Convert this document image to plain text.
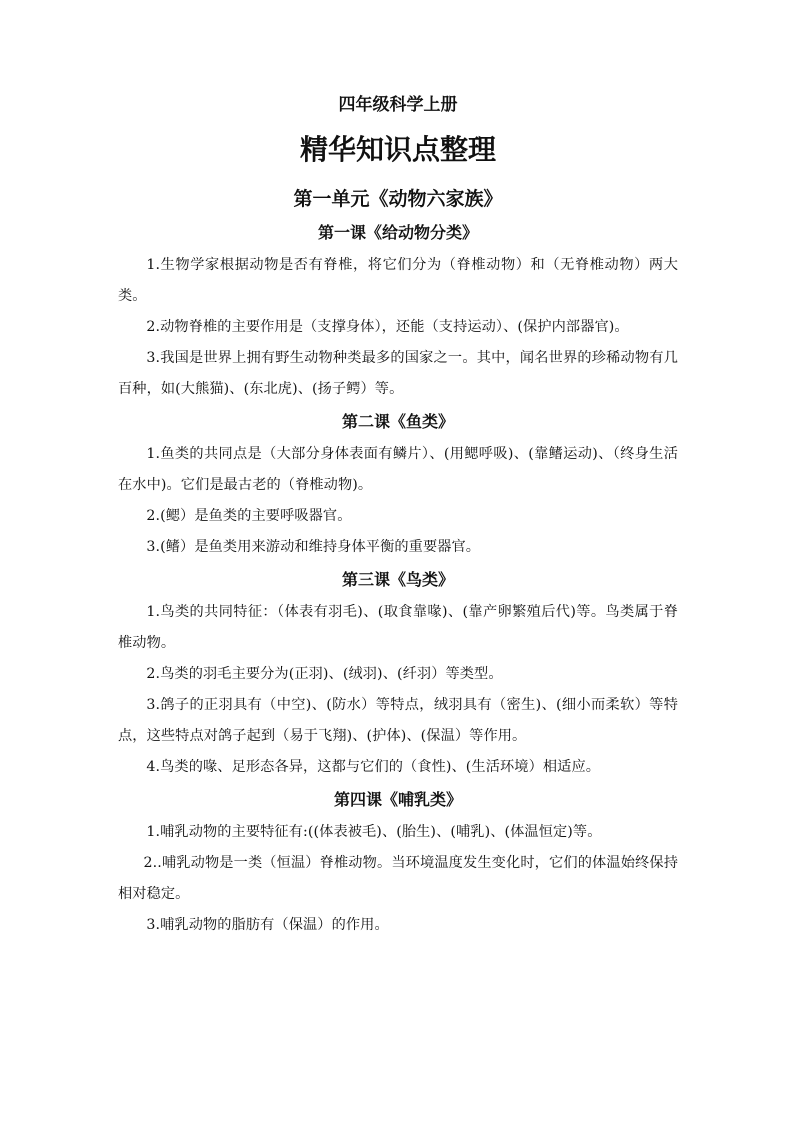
四年级科学上册
精华知识点整理
第一单元《动物六家族》
第一课《给动物分类》

1.生物学家根据动物是否有脊椎，将它们分为（脊椎动物）和（无脊椎动物）两大类。

2.动物脊椎的主要作用是（支撑身体），还能（支持运动）、(保护内部器官)。

3.我国是世界上拥有野生动物种类最多的国家之一。其中，闻名世界的珍稀动物有几百种，如(大熊猫)、(东北虎)、(扬子鳄）等。

第二课《鱼类》

1.鱼类的共同点是（大部分身体表面有鳞片）、(用鳃呼吸)、(靠鳍运动)、（终身生活在水中)。它们是最古老的（脊椎动物)。

2.(鳃）是鱼类的主要呼吸器官。

3.(鳍）是鱼类用来游动和维持身体平衡的重要器官。

第三课《鸟类》

1.鸟类的共同特征：（体表有羽毛)、(取食靠喙)、(靠产卵繁殖后代)等。鸟类属于脊椎动物。

2.鸟类的羽毛主要分为(正羽)、(绒羽)、(纤羽）等类型。

3.鸽子的正羽具有（中空)、(防水）等特点，绒羽具有（密生)、(细小而柔软）等特点，这些特点对鸽子起到（易于飞翔)、(护体)、(保温）等作用。

4.鸟类的喙、足形态各异，这都与它们的（食性)、(生活环境）相适应。

第四课《哺乳类》

1.哺乳动物的主要特征有:((体表被毛)、(胎生)、(哺乳)、(体温恒定)等。

2..哺乳动物是一类（恒温）脊椎动物。当环境温度发生变化时，它们的体温始终保持相对稳定。

3.哺乳动物的脂肪有（保温）的作用。
